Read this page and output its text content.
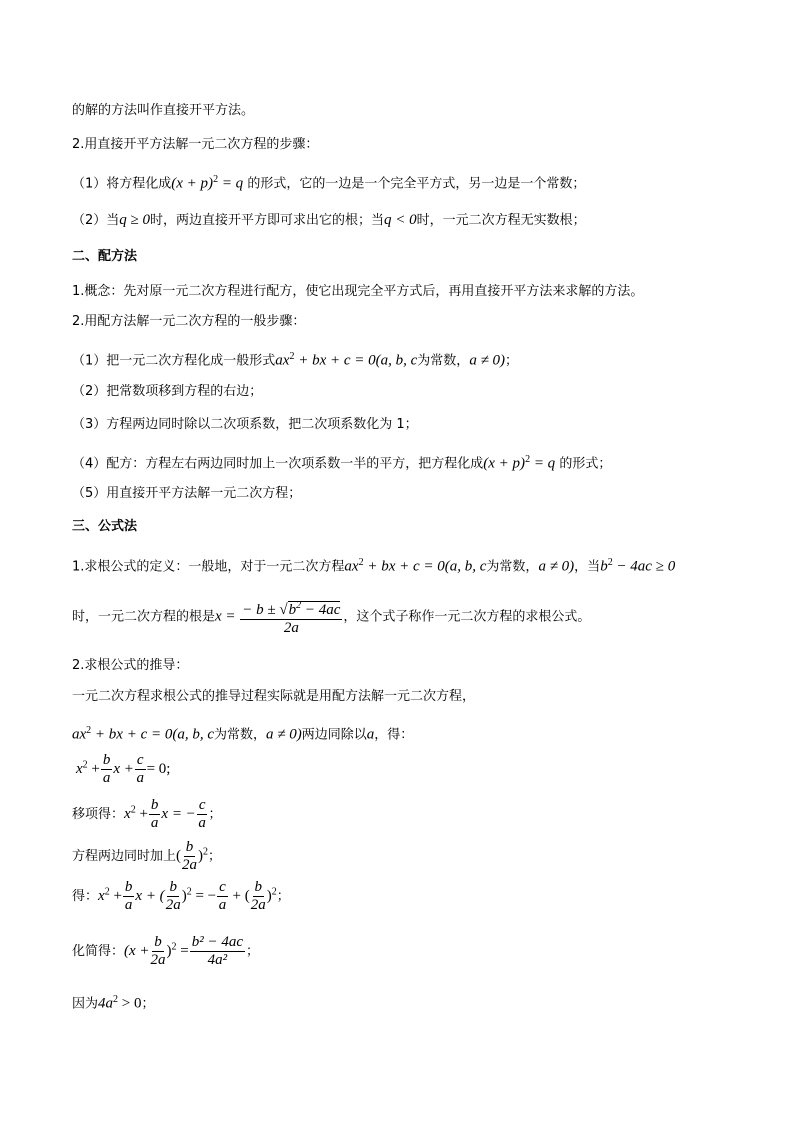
的解的方法叫作直接开平方法。
2.用直接开平方法解一元二次方程的步骤：
（1）将方程化成$(x + p)^2 = q$ 的形式，它的一边是一个完全平方式，另一边是一个常数；
（2）当q ≥ 0时，两边直接开平方即可求出它的根；当q < 0时，一元二次方程无实数根；
二、配方法
1.概念：先对原一元二次方程进行配方，使它出现完全平方式后，再用直接开平方法来求解的方法。
2.用配方法解一元二次方程的一般步骤：
（1）把一元二次方程化成一般形式$ax^2$ + bx + c = 0(a, b, c为常数，a ≠ 0)；
（2）把常数项移到方程的右边；
（3）方程两边同时除以二次项系数，把二次项系数化为 1；
（4）配方：方程左右两边同时加上一次项系数一半的平方，把方程化成$(x + p)^2 = q$ 的形式；
（5）用直接开平方法解一元二次方程；
三、公式法
1.求根公式的定义：一般地，对于一元二次方程$ax^2$ + bx + c = 0(a, b, c为常数，a ≠ 0)，当$b^2 - 4ac \ge 0$
时，一元二次方程的根是$x = \frac{- b \pm √b^2 - 4ac}{2a}$ ，这个式子称作一元二次方程的求根公式。
2.求根公式的推导：
一元二次方程求根公式的推导过程实际就是用配方法解一元二次方程，
$ax^2$ + bx + c = 0(a, b, c为常数，a ≠ 0)两边同除以a，得：
$x^2 + \frac{b}{a}$ $x + \frac{c}{a} = 0$;
移项得：$x^2 + \frac{b}{a}$ x = − $\frac{c}{a}$ ；
方程两边同时加上( $\frac{b}{2a} )^2$；
得：$x^2 + \frac{b}{a}$ x + ( $\frac{b}{2a} )^2$ = − $\frac{c}{a}$ + ( $\frac{b}{2a} )^2$；
化简得：$(x + \frac{b}{2a} )^2 = \frac{\text{b² − 4ac}}{\text{4a²}}$ ；
因为$4a^2 > 0$；
